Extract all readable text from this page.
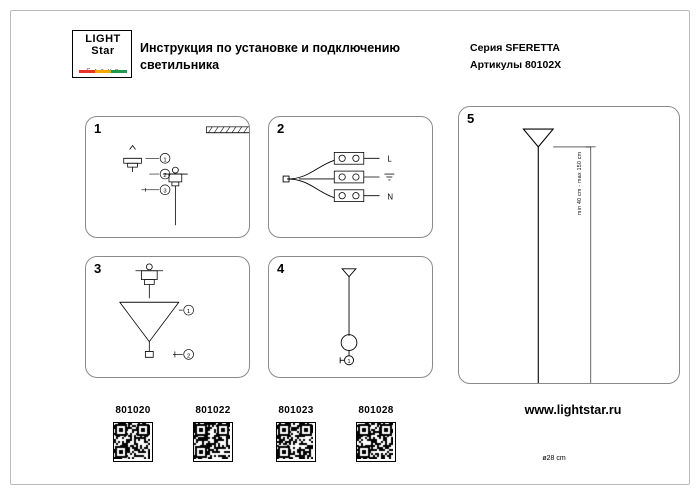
LIGHT
Star	Инструкция по установке и подключению светильника
Серия SFERETTA
Артикулы 80102X
1
1
2
3
2
L
N
3
1
2
4
1
5
min 40 cm - max 150 cm
ø28 cm
801020	801022	801023	801028	www.lightstar.ru
